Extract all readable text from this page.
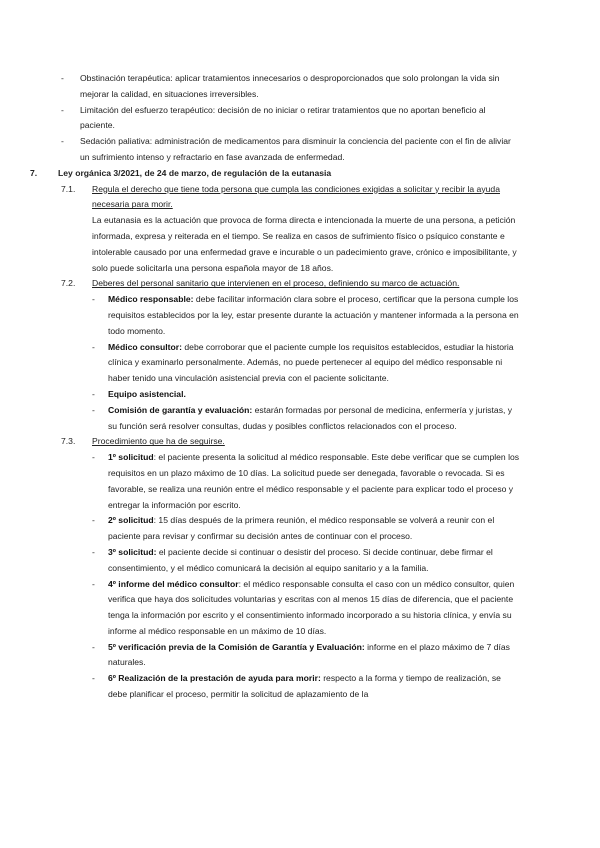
- Obstinación terapéutica: aplicar tratamientos innecesarios o desproporcionados que solo prolongan la vida sin mejorar la calidad, en situaciones irreversibles.
- Limitación del esfuerzo terapéutico: decisión de no iniciar o retirar tratamientos que no aportan beneficio al paciente.
- Sedación paliativa: administración de medicamentos para disminuir la conciencia del paciente con el fin de aliviar un sufrimiento intenso y refractario en fase avanzada de enfermedad.
7. Ley orgánica 3/2021, de 24 de marzo, de regulación de la eutanasia
7.1. Regula el derecho que tiene toda persona que cumpla las condiciones exigidas a solicitar y recibir la ayuda necesaria para morir.

La eutanasia es la actuación que provoca de forma directa e intencionada la muerte de una persona, a petición informada, expresa y reiterada en el tiempo. Se realiza en casos de sufrimiento físico o psíquico constante e intolerable causado por una enfermedad grave e incurable o un padecimiento grave, crónico e imposibilitante, y solo puede solicitarla una persona española mayor de 18 años.

7.2. Deberes del personal sanitario que intervienen en el proceso, definiendo su marco de actuación.
- Médico responsable: debe facilitar información clara sobre el proceso, certificar que la persona cumple los requisitos establecidos por la ley, estar presente durante la actuación y mantener informada a la persona en todo momento.
- Médico consultor: debe corroborar que el paciente cumple los requisitos establecidos, estudiar la historia clínica y examinarlo personalmente. Además, no puede pertenecer al equipo del médico responsable ni haber tenido una vinculación asistencial previa con el paciente solicitante.
- Equipo asistencial.
- Comisión de garantía y evaluación: estarán formadas por personal de medicina, enfermería y juristas, y su función será resolver consultas, dudas y posibles conflictos relacionados con el proceso.
7.3. Procedimiento que ha de seguirse.
- 1º solicitud: el paciente presenta la solicitud al médico responsable. Este debe verificar que se cumplen los requisitos en un plazo máximo de 10 días. La solicitud puede ser denegada, favorable o revocada. Si es favorable, se realiza una reunión entre el médico responsable y el paciente para explicar todo el proceso y entregar la información por escrito.
- 2º solicitud: 15 días después de la primera reunión, el médico responsable se volverá a reunir con el paciente para revisar y confirmar su decisión antes de continuar con el proceso.
- 3º solicitud: el paciente decide si continuar o desistir del proceso. Si decide continuar, debe firmar el consentimiento, y el médico comunicará la decisión al equipo sanitario y a la familia.
- 4º informe del médico consultor: el médico responsable consulta el caso con un médico consultor, quien verifica que haya dos solicitudes voluntarias y escritas con al menos 15 días de diferencia, que el paciente tenga la información por escrito y el consentimiento informado incorporado a su historia clínica, y envía su informe al médico responsable en un máximo de 10 días.
- 5º verificación previa de la Comisión de Garantía y Evaluación: informe en el plazo máximo de 7 días naturales.
- 6º Realización de la prestación de ayuda para morir: respecto a la forma y tiempo de realización, se debe planificar el proceso, permitir la solicitud de aplazamiento de la
